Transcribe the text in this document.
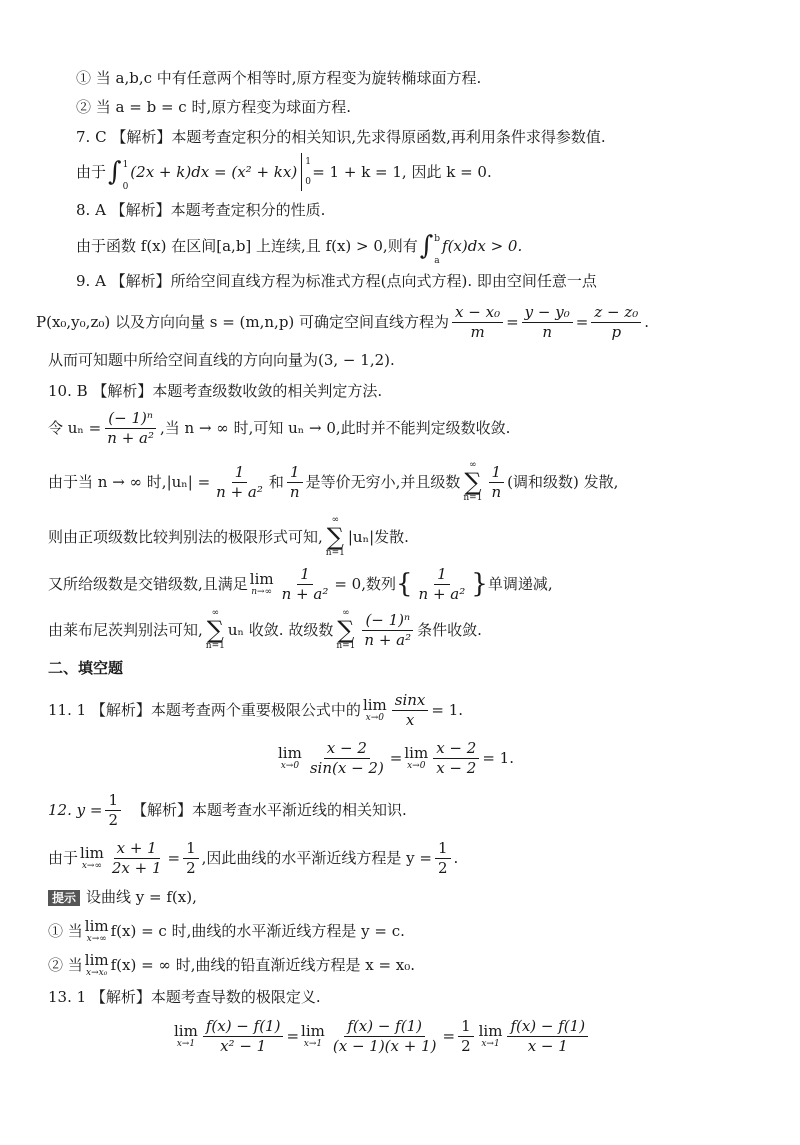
① 当 a,b,c 中有任意两个相等时,原方程变为旋转椭球面方程.
② 当 a = b = c 时,原方程变为球面方程.
7. C 【解析】本题考查定积分的相关知识,先求得原函数,再利用条件求得参数值.
由于 ∫ 1
0
(2x + k)dx = (x² + kx)
1
0
= 1 + k = 1, 因此 k = 0.
8. A 【解析】本题考查定积分的性质.
由于函数 f(x) 在区间[a,b] 上连续,且 f(x) > 0,则有 ∫ b
a
f(x)dx > 0.
9. A 【解析】所给空间直线方程为标准式方程(点向式方程). 即由空间任意一点
P(x₀,y₀,z₀) 以及方向向量 s = (m,n,p) 可确定空间直线方程为 $\frac{\text{x − x₀}}{m} = \frac{\text{y − y₀}}{n} = \frac{\text{z − z₀}}{p}$ .
从而可知题中所给空间直线的方向向量为(3, − 1,2).
10. B 【解析】本题考查级数收敛的相关判定方法.
令 $u_n = \frac{\text{(− 1)ⁿ}}{\text{n + a²}}$ ,当 n → ∞ 时,可知 uₙ → 0,此时并不能判定级数收敛.
由于当 n → ∞ 时$,|u_n| = \frac{1}{\text{n + a²}}$ 和 $\frac{1}{n}$ 是等价无穷小,并且级数
∞
∑
$n=1 \frac{1}{n}$ (调和级数) 发散,
则由正项级数比较判别法的极限形式可知,
∞
∑
n=1
|uₙ|发散.
又所给级数是交错级数,且满足 lim
$n\to\infty \frac{1}{\text{n + a²}} = 0$,数列 { $\frac{1}{\text{n + a²}}$ } 单调递减,
由莱布尼茨判别法可知,
∞
∑
n=1
uₙ 收敛. 故级数
∞
∑
$n=1 \frac{\text{(− 1)ⁿ}}{\text{n + a²}}$ 条件收敛.
二、填空题
11. 1 【解析】本题考查两个重要极限公式中的 lim
$x\to 0 \frac{\sin x}{x} = 1$.
lim
$x\to 0 \frac{x - 2}{\sin(x - 2)} = \lim$
$x\to 0 \frac{x - 2}{x - 2} = 1$.
12. $y = \frac{1}{2}$ 【解析】本题考查水平渐近线的相关知识.
由于 lim
$x\to\infty \frac{x + 1}{2x + 1} = \frac{1}{2}$ ,因此曲线的水平渐近线方程是 $y = \frac{1}{2}$ .
提示 设曲线 y = f(x),
① 当 lim
x→∞ f(x) = c 时,曲线的水平渐近线方程是 y = c.
② 当 lim
x→x₀ f(x) = ∞ 时,曲线的铅直渐近线方程是 x = x₀.
13. 1 【解析】本题考查导数的极限定义.
lim
$x\to 1 \frac{f(x) - f(1)}{\text{x² − 1}} = \lim$
$x\to 1 \frac{f(x) - f(1)}{(x - 1)(x + 1)} = \frac{1}{2}$ lim
$x\to 1 \frac{f(x) - f(1)}{x - 1}$
